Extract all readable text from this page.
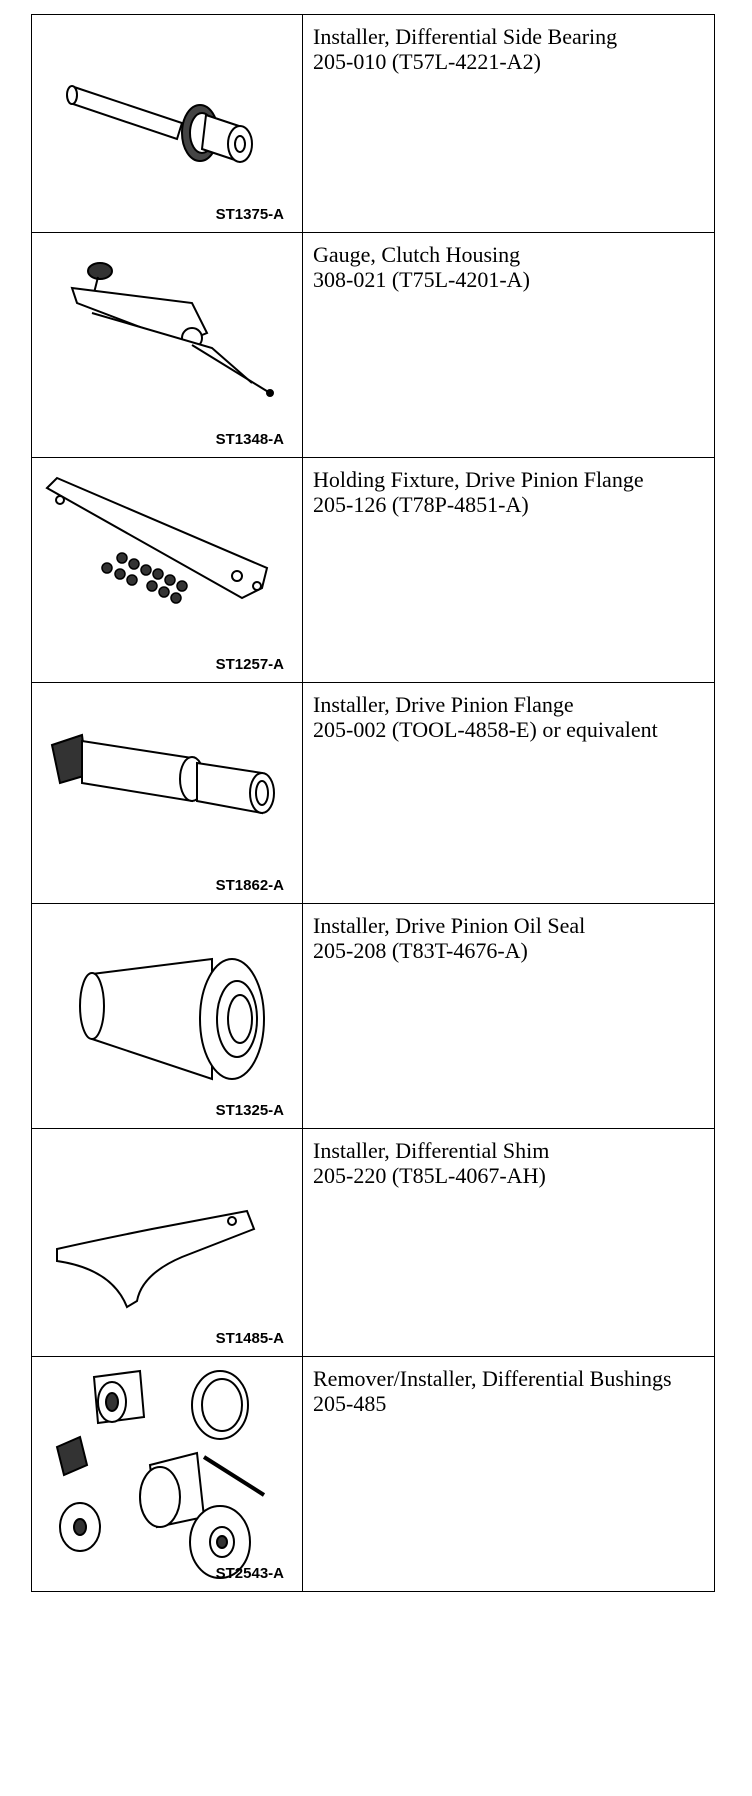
ST1375-A	Installer, Differential Side Bearing
205-010 (T57L-4221-A2)

ST1348-A	Gauge, Clutch Housing
308-021 (T75L-4201-A)

ST1257-A	Holding Fixture, Drive Pinion Flange
205-126 (T78P-4851-A)

ST1862-A	Installer, Drive Pinion Flange
205-002 (TOOL-4858-E) or equivalent

ST1325-A	Installer, Drive Pinion Oil Seal
205-208 (T83T-4676-A)

ST1485-A	Installer, Differential Shim
205-220 (T85L-4067-AH)

ST2543-A	Remover/Installer, Differential Bushings
205-485
